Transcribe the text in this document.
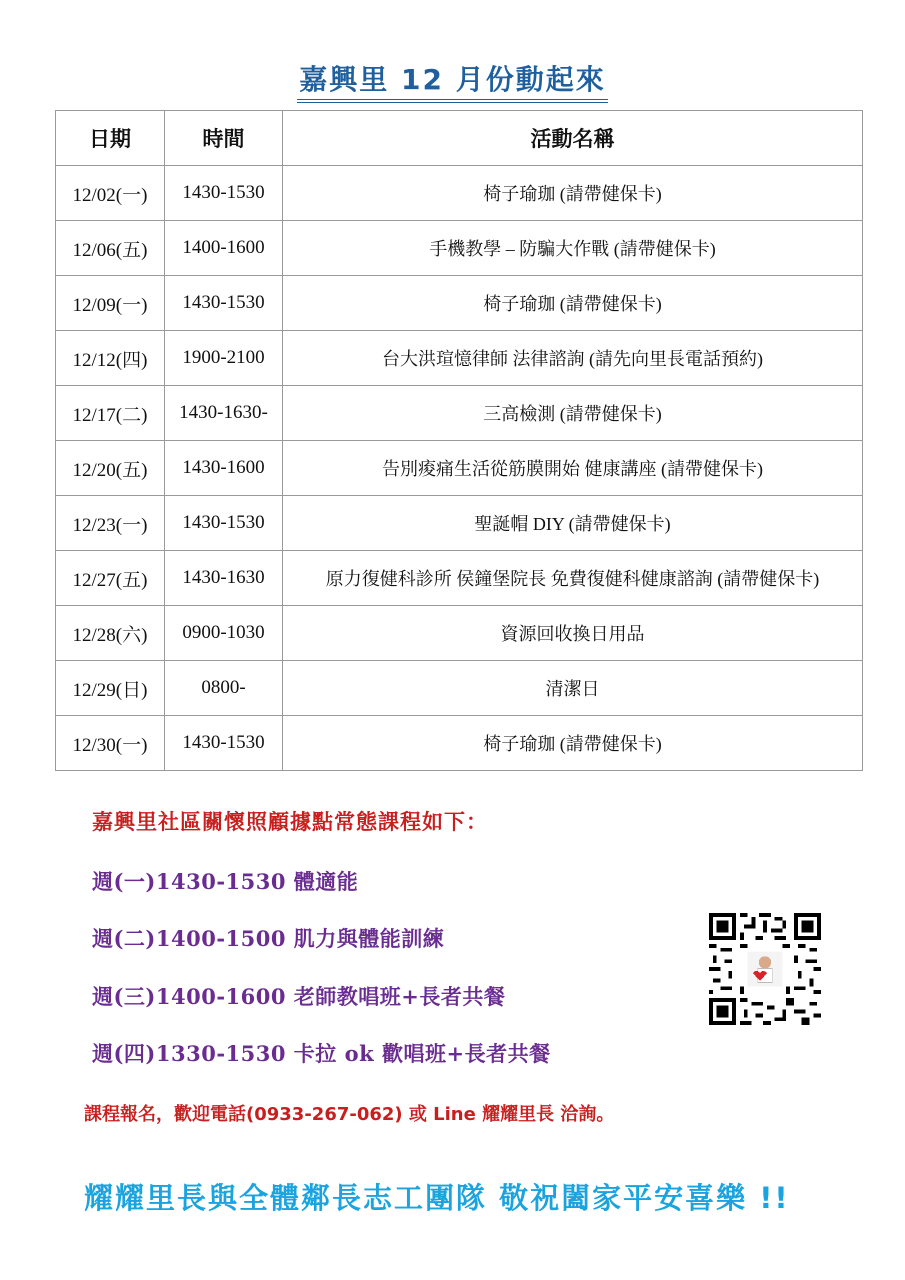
嘉興里 12 月份動起來
日期	時間	活動名稱
12/02(一)	1430-1530	椅子瑜珈 (請帶健保卡)
12/06(五)	1400-1600	手機教學 – 防騙大作戰 (請帶健保卡)
12/09(一)	1430-1530	椅子瑜珈 (請帶健保卡)
12/12(四)	1900-2100	台大洪瑄憶律師 法律諮詢 (請先向里長電話預約)
12/17(二)	1430-1630-	三高檢測 (請帶健保卡)
12/20(五)	1430-1600	告別痠痛生活從筋膜開始 健康講座 (請帶健保卡)
12/23(一)	1430-1530	聖誕帽 DIY (請帶健保卡)
12/27(五)	1430-1630	原力復健科診所 侯鐘堡院長 免費復健科健康諮詢 (請帶健保卡)
12/28(六)	0900-1030	資源回收換日用品
12/29(日)	0800-	清潔日
12/30(一)	1430-1530	椅子瑜珈 (請帶健保卡)
嘉興里社區關懷照顧據點常態課程如下：
週(一)1430-1530 體適能
週(二)1400-1500 肌力與體能訓練
週(三)1400-1600 老師教唱班+長者共餐
週(四)1330-1530 卡拉 ok 歡唱班+長者共餐
課程報名，歡迎電話(0933-267-062) 或 Line 耀耀里長 洽詢。
耀耀里長與全體鄰長志工團隊 敬祝闔家平安喜樂 !!
